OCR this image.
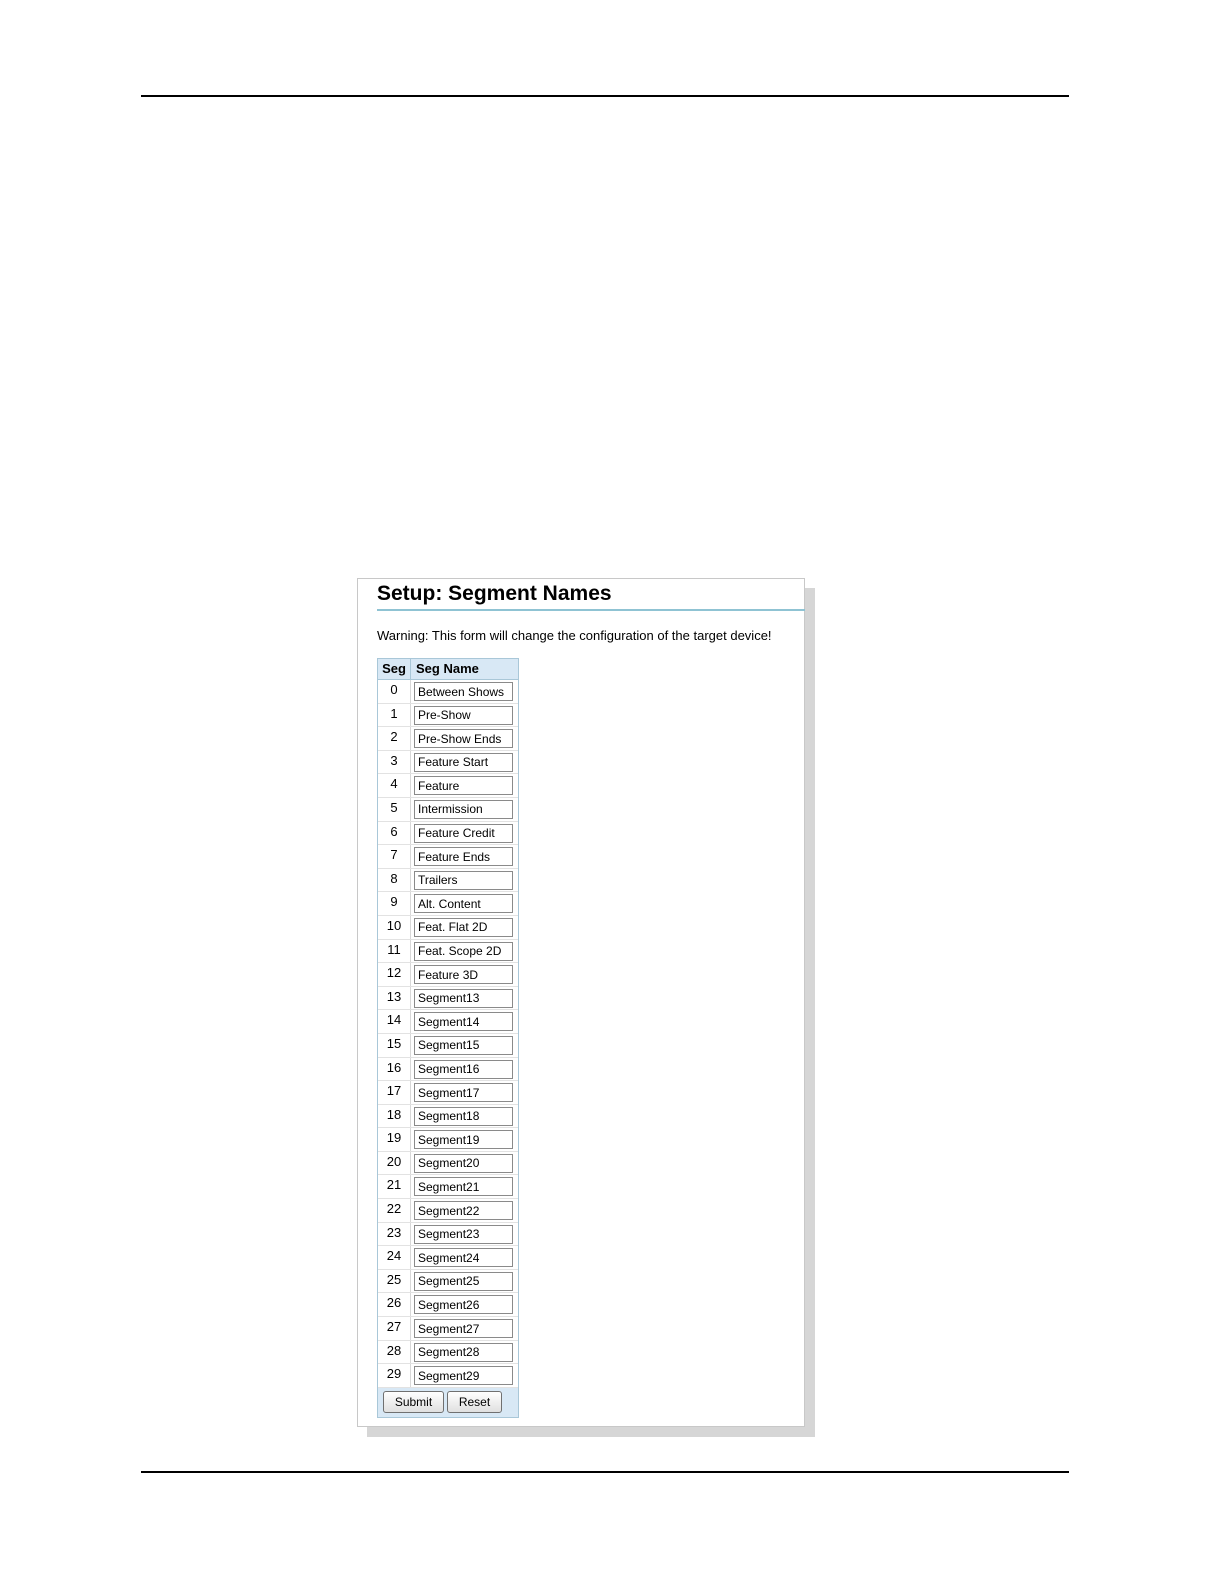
Setup: Segment Names
Warning: This form will change the configuration of the target device!
Seg Seg Name
0
Between Shows
1
Pre-Show
2
Pre-Show Ends
3
Feature Start
4
Feature
5
Intermission
6
Feature Credit
7
Feature Ends
8
Trailers
9
Alt. Content
10
Feat. Flat 2D
11
Feat. Scope 2D
12
Feature 3D
13
Segment13
14
Segment14
15
Segment15
16
Segment16
17
Segment17
18
Segment18
19
Segment19
20
Segment20
21
Segment21
22
Segment22
23
Segment23
24
Segment24
25
Segment25
26
Segment26
27
Segment27
28
Segment28
29
Segment29
Submit	Reset
